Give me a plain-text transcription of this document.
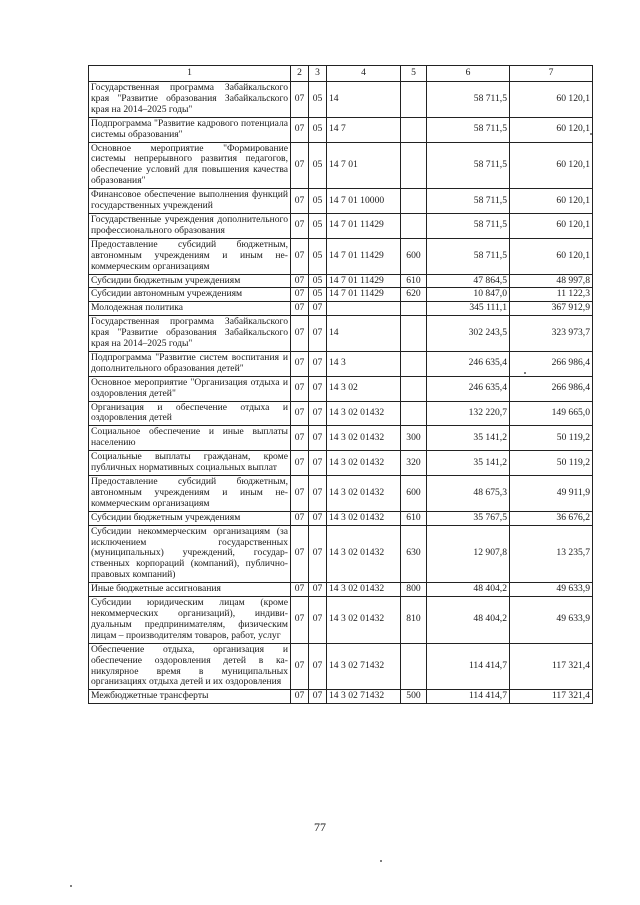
1	2	3	4	5	6	7
Государственная программа Забайкальского края "Развитие образования Забайкальского края на 2014–2025 годы"	07	05	14		58 711,5	60 120,1
Подпрограмма "Развитие кадрового потенциала системы образования"	07	05	14 7		58 711,5	60 120,1
Основное мероприятие "Формирование системы непрерывного развития педагогов, обеспечение условий для повышения качества образования"	07	05	14 7 01		58 711,5	60 120,1
Финансовое обеспечение выполнения функций государственных учреждений	07	05	14 7 01 10000		58 711,5	60 120,1
Государственные учреждения дополнительного профессионального образования	07	05	14 7 01 11429		58 711,5	60 120,1
Предоставление субсидий бюджетным, автономным учреждениям и иным некоммерческим организациям	07	05	14 7 01 11429	600	58 711,5	60 120,1
Субсидии бюджетным учреждениям	07	05	14 7 01 11429	610	47 864,5	48 997,8
Субсидии автономным учреждениям	07	05	14 7 01 11429	620	10 847,0	11 122,3
Молодежная политика	07	07			345 111,1	367 912,9
Государственная программа Забайкальского края "Развитие образования Забайкальского края на 2014–2025 годы"	07	07	14		302 243,5	323 973,7
Подпрограмма "Развитие систем воспитания и дополнительного образования детей"	07	07	14 3		246 635,4	266 986,4
Основное мероприятие "Организация отдыха и оздоровления детей"	07	07	14 3 02		246 635,4	266 986,4
Организация и обеспечение отдыха и оздоровления детей	07	07	14 3 02 01432		132 220,7	149 665,0
Социальное обеспечение и иные выплаты населению	07	07	14 3 02 01432	300	35 141,2	50 119,2
Социальные выплаты гражданам, кроме публичных нормативных социальных выплат	07	07	14 3 02 01432	320	35 141,2	50 119,2
Предоставление субсидий бюджетным, автономным учреждениям и иным некоммерческим организациям	07	07	14 3 02 01432	600	48 675,3	49 911,9
Субсидии бюджетным учреждениям	07	07	14 3 02 01432	610	35 767,5	36 676,2
Субсидии некоммерческим организациям (за исключением государственных (муниципальных) учреждений, государственных корпораций (компаний), публично-правовых компаний)	07	07	14 3 02 01432	630	12 907,8	13 235,7
Иные бюджетные ассигнования	07	07	14 3 02 01432	800	48 404,2	49 633,9
Субсидии юридическим лицам (кроме некоммерческих организаций), индивидуальным предпринимателям, физическим лицам – производителям товаров, работ, услуг	07	07	14 3 02 01432	810	48 404,2	49 633,9
Обеспечение отдыха, организация и обеспечение оздоровления детей в каникулярное время в муниципальных организациях отдыха детей и их оздоровления	07	07	14 3 02 71432		114 414,7	117 321,4
Межбюджетные трансферты	07	07	14 3 02 71432	500	114 414,7	117 321,4
77
